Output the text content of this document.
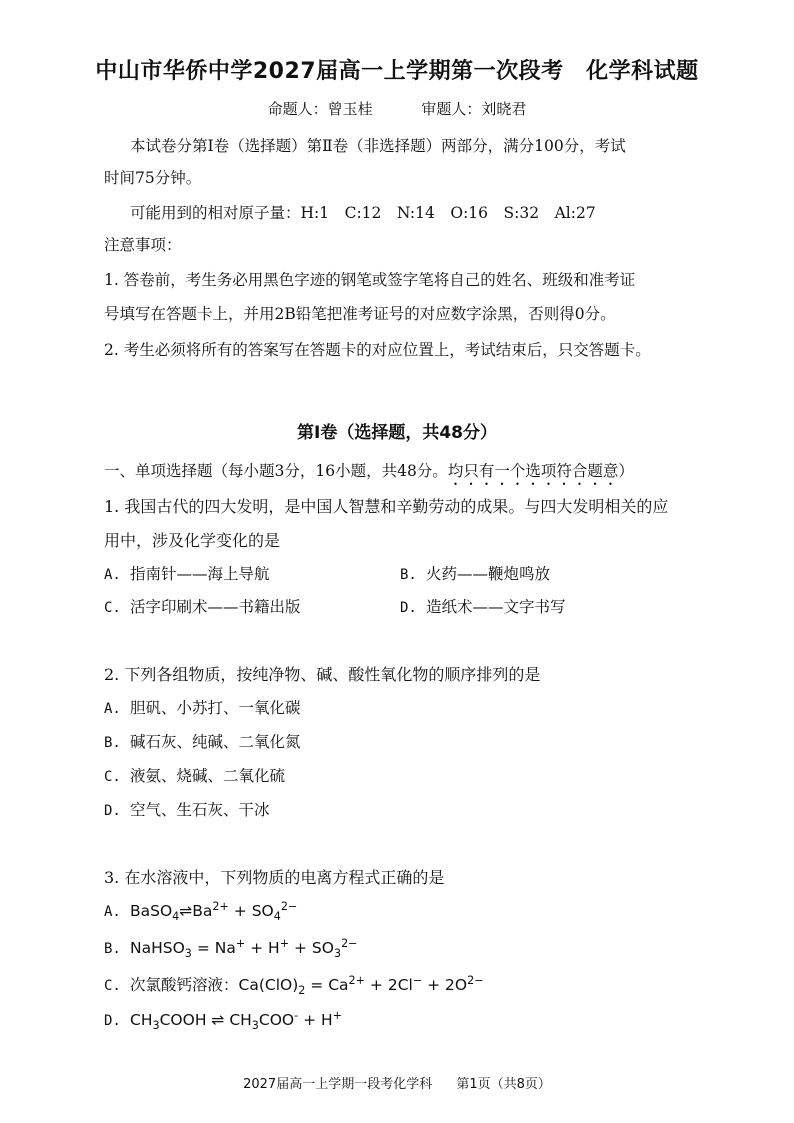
中山市华侨中学2027届高一上学期第一次段考　化学科试题
命题人：曾玉桂	审题人：刘晓君
本试卷分第Ⅰ卷（选择题）第Ⅱ卷（非选择题）两部分，满分100分，考试
时间75分钟。
可能用到的相对原子量：H:1　C:12　N:14　O:16　S:32　Al:27
注意事项：
1. 答卷前，考生务必用黑色字迹的钢笔或签字笔将自己的姓名、班级和准考证
号填写在答题卡上，并用2B铅笔把准考证号的对应数字涂黑，否则得0分。
2. 考生必须将所有的答案写在答题卡的对应位置上，考试结束后，只交答题卡。
第Ⅰ卷（选择题，共48分）
一、单项选择题（每小题3分，16小题，共48分。均只有一个选项符合题意）
1. 我国古代的四大发明，是中国人智慧和辛勤劳动的成果。与四大发明相关的应
用中，涉及化学变化的是
A. 指南针——海上导航	B. 火药——鞭炮鸣放
C. 活字印刷术——书籍出版	D. 造纸术——文字书写
2. 下列各组物质，按纯净物、碱、酸性氧化物的顺序排列的是
A. 胆矾、小苏打、一氧化碳
B. 碱石灰、纯碱、二氧化氮
C. 液氨、烧碱、二氧化硫
D. 空气、生石灰、干冰
3. 在水溶液中，下列物质的电离方程式正确的是
A. $BaSO_4\rightleftharpoons Ba^{2+} + SO_4^{2-}$
B. NaHSO$_3$ = $Na^+ + H^+ + SO_3^{2-}$
C. 次氯酸钙溶液：$Ca(ClO)_2 = Ca^{2+} + 2Cl^- + 2O^{2-}$
D. $CH_3COOH$ ⇌ $CH_3COO^- + H^+$
2027届高一上学期一段考化学科 第1页（共8页）
